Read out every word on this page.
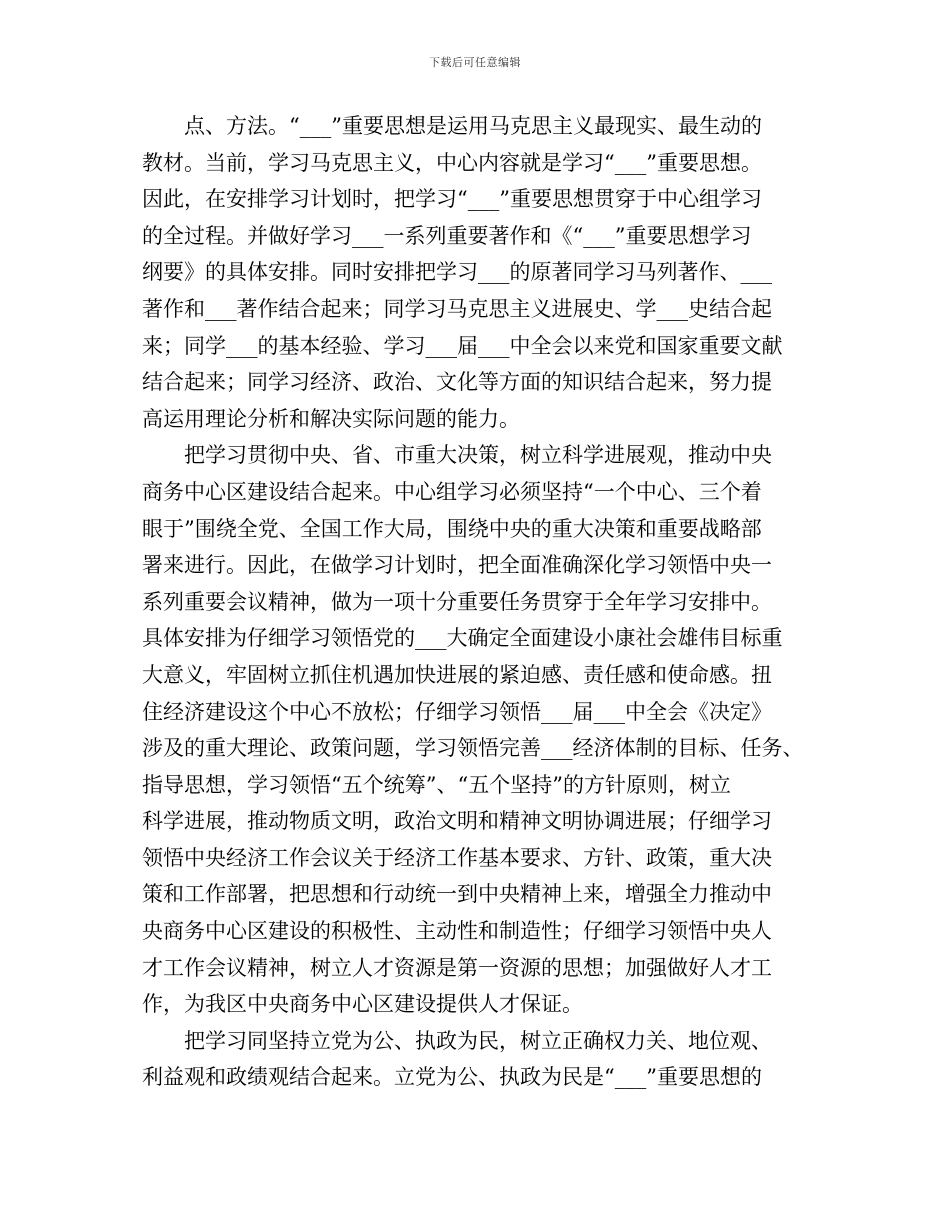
下载后可任意编辑
点、方法。“___”重要思想是运用马克思主义最现实、最生动的
教材。当前，学习马克思主义，中心内容就是学习“___”重要思想。
因此，在安排学习计划时，把学习“___”重要思想贯穿于中心组学习
的全过程。并做好学习___一系列重要著作和《“___”重要思想学习
纲要》的具体安排。同时安排把学习___的原著同学习马列著作、___
著作和___著作结合起来；同学习马克思主义进展史、学___史结合起
来；同学___的基本经验、学习___届___中全会以来党和国家重要文献
结合起来；同学习经济、政治、文化等方面的知识结合起来，努力提
高运用理论分析和解决实际问题的能力。
把学习贯彻中央、省、市重大决策，树立科学进展观，推动中央
商务中心区建设结合起来。中心组学习必须坚持“一个中心、三个着
眼于”围绕全党、全国工作大局，围绕中央的重大决策和重要战略部
署来进行。因此，在做学习计划时，把全面准确深化学习领悟中央一
系列重要会议精神，做为一项十分重要任务贯穿于全年学习安排中。
具体安排为仔细学习领悟党的___大确定全面建设小康社会雄伟目标重
大意义，牢固树立抓住机遇加快进展的紧迫感、责任感和使命感。扭
住经济建设这个中心不放松；仔细学习领悟___届___中全会《决定》
涉及的重大理论、政策问题，学习领悟完善___经济体制的目标、任务、
指导思想，学习领悟“五个统筹”、“五个坚持”的方针原则，树立
科学进展，推动物质文明，政治文明和精神文明协调进展；仔细学习
领悟中央经济工作会议关于经济工作基本要求、方针、政策，重大决
策和工作部署，把思想和行动统一到中央精神上来，增强全力推动中
央商务中心区建设的积极性、主动性和制造性；仔细学习领悟中央人
才工作会议精神，树立人才资源是第一资源的思想；加强做好人才工
作，为我区中央商务中心区建设提供人才保证。
把学习同坚持立党为公、执政为民，树立正确权力关、地位观、
利益观和政绩观结合起来。立党为公、执政为民是“___”重要思想的
